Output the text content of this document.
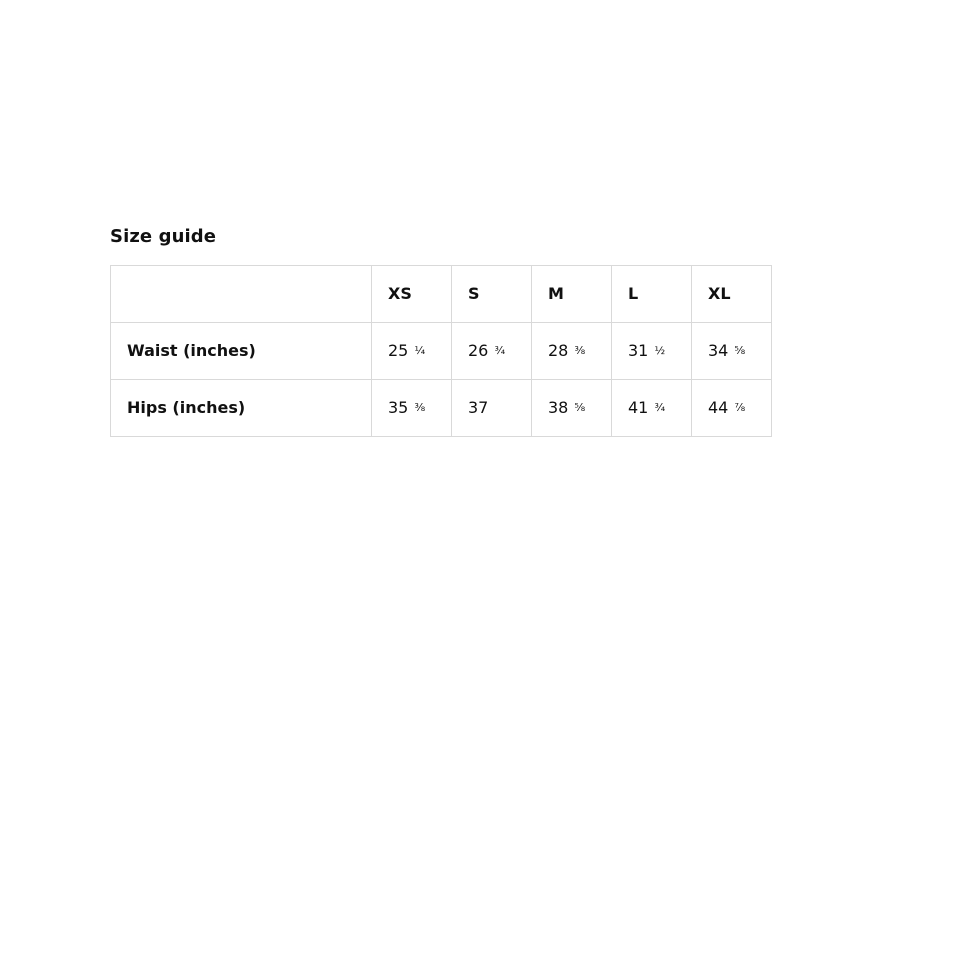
Size guide
	XS	S	M	L	XL
Waist (inches)	25 ¼	26 ¾	28 ⅜	31 ½	34 ⅝
Hips (inches)	35 ⅜	37	38 ⅝	41 ¾	44 ⅞
